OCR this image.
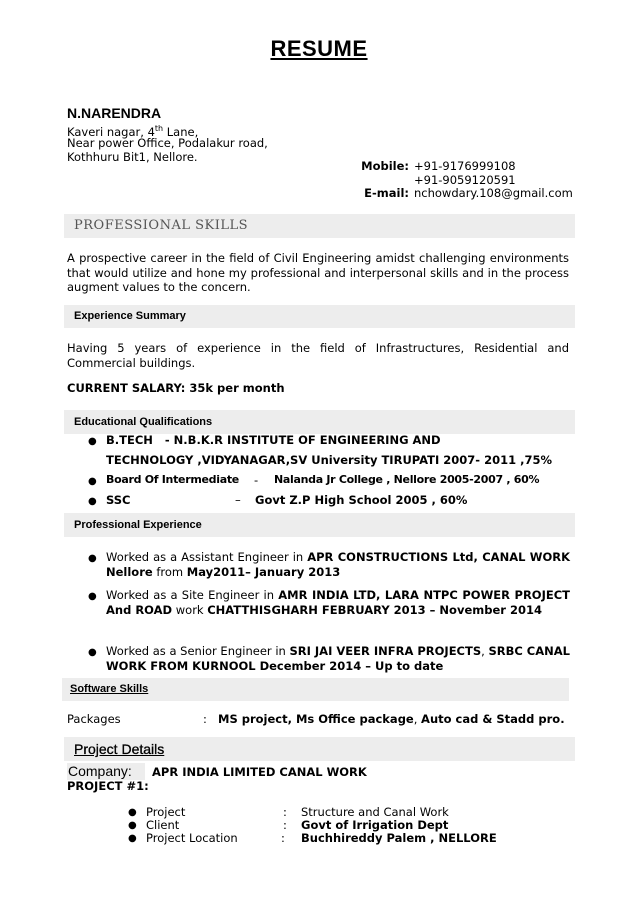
RESUME
N.NARENDRA
Kaveri nagar, 4th Lane,
Near power Office, Podalakur road,
Kothhuru Bit1, Nellore.
Mobile: +91-9176999108
+91-9059120591
E-mail: nchowdary.108@gmail.com
PROFESSIONAL SKILLS
A prospective career in the field of Civil Engineering amidst challenging environments that would utilize and hone my professional and interpersonal skills and in the process augment values to the concern.
Experience Summary
Having 5 years of experience in the field of Infrastructures, Residential and Commercial buildings.
CURRENT SALARY: 35k per month
Educational Qualifications
● B.TECH   - N.B.K.R INSTITUTE OF ENGINEERING AND
TECHNOLOGY ,VIDYANAGAR,SV University TIRUPATI 2007- 2011 ,75%
● Board Of Intermediate - Nalanda Jr College , Nellore 2005-2007 , 60%
● SSC	– Govt Z.P High School 2005 , 60%
Professional Experience
● Worked as a Assistant Engineer in APR CONSTRUCTIONS Ltd, CANAL WORK Nellore from May2011– January 2013
● Worked as a Site Engineer in AMR INDIA LTD, LARA NTPC POWER PROJECT And ROAD work CHATTHISGHARH FEBRUARY 2013 – November 2014
● Worked as a Senior Engineer in SRI JAI VEER INFRA PROJECTS, SRBC CANAL WORK FROM KURNOOL December 2014 – Up to date
Software Skills
Packages	: MS project, Ms Office package, Auto cad & Stadd pro.
Project Details
Company: APR INDIA LIMITED CANAL WORK
PROJECT #1:
● Project	: Structure and Canal Work
● Client	: Govt of Irrigation Dept
● Project Location	: Buchhireddy Palem , NELLORE
